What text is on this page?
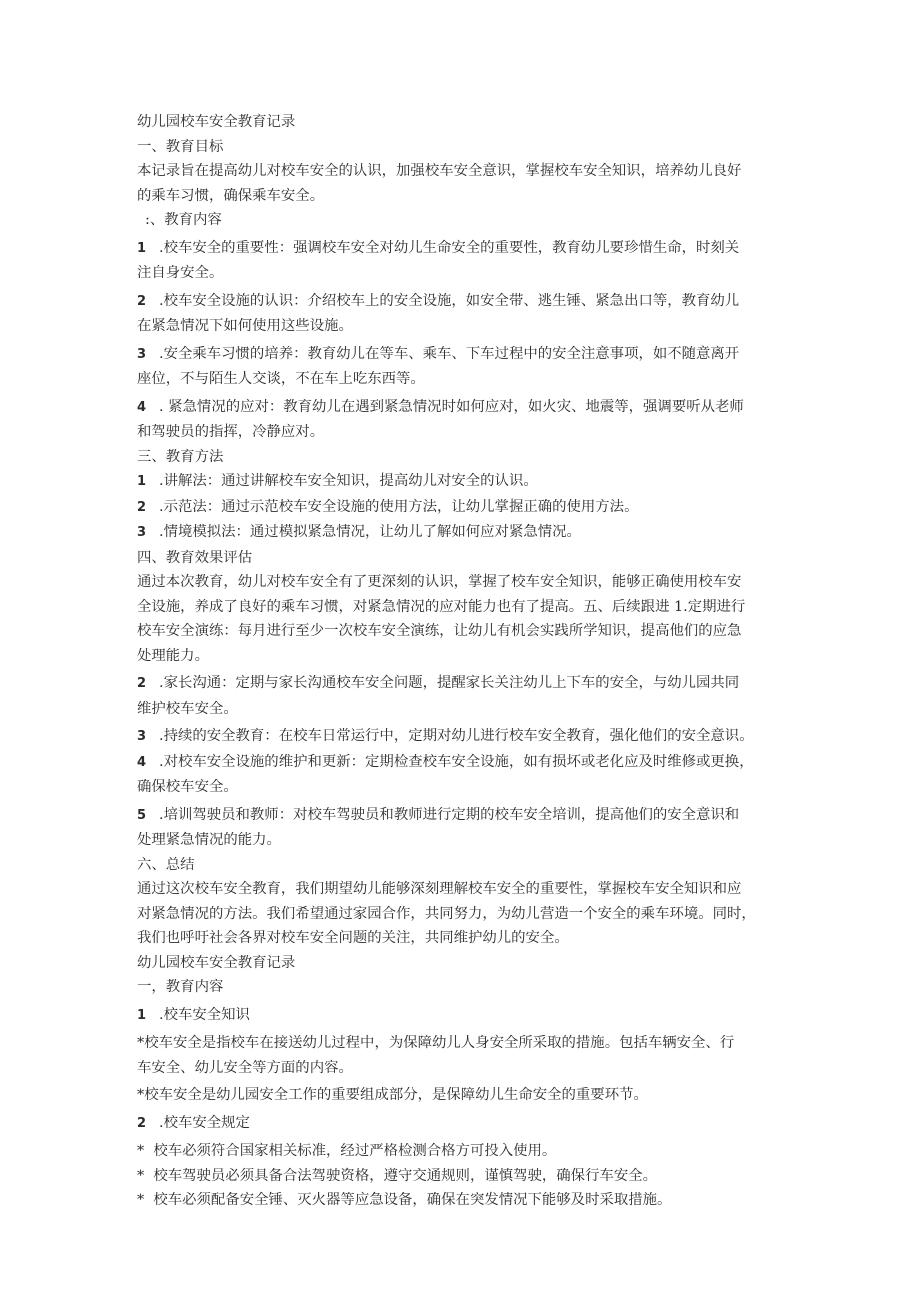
幼儿园校车安全教育记录
一、教育目标
本记录旨在提高幼儿对校车安全的认识，加强校车安全意识，掌握校车安全知识，培养幼儿良好
的乘车习惯，确保乘车安全。
:、教育内容
1 .校车安全的重要性：强调校车安全对幼儿生命安全的重要性，教育幼儿要珍惜生命，时刻关
注自身安全。
2 .校车安全设施的认识：介绍校车上的安全设施，如安全带、逃生锤、紧急出口等，教育幼儿
在紧急情况下如何使用这些设施。
3 .安全乘车习惯的培养：教育幼儿在等车、乘车、下车过程中的安全注意事项，如不随意离开
座位，不与陌生人交谈，不在车上吃东西等。
4 . 紧急情况的应对：教育幼儿在遇到紧急情况时如何应对，如火灾、地震等，强调要听从老师
和驾驶员的指挥，冷静应对。
三、教育方法
1 .讲解法：通过讲解校车安全知识，提高幼儿对安全的认识。
2 .示范法：通过示范校车安全设施的使用方法，让幼儿掌握正确的使用方法。
3 .情境模拟法：通过模拟紧急情况，让幼儿了解如何应对紧急情况。
四、教育效果评估
通过本次教育，幼儿对校车安全有了更深刻的认识，掌握了校车安全知识，能够正确使用校车安
全设施，养成了良好的乘车习惯，对紧急情况的应对能力也有了提高。五、后续跟进 1.定期进行
校车安全演练：每月进行至少一次校车安全演练，让幼儿有机会实践所学知识，提高他们的应急
处理能力。
2 .家长沟通：定期与家长沟通校车安全问题，提醒家长关注幼儿上下车的安全，与幼儿园共同
维护校车安全。
3 .持续的安全教育：在校车日常运行中，定期对幼儿进行校车安全教育，强化他们的安全意识。
4 .对校车安全设施的维护和更新：定期检查校车安全设施，如有损坏或老化应及时维修或更换，
确保校车安全。
5 .培训驾驶员和教师：对校车驾驶员和教师进行定期的校车安全培训，提高他们的安全意识和
处理紧急情况的能力。
六、总结
通过这次校车安全教育，我们期望幼儿能够深刻理解校车安全的重要性，掌握校车安全知识和应
对紧急情况的方法。我们希望通过家园合作，共同努力，为幼儿营造一个安全的乘车环境。同时，
我们也呼吁社会各界对校车安全问题的关注，共同维护幼儿的安全。
幼儿园校车安全教育记录
一，教育内容
1 .校车安全知识
*校车安全是指校车在接送幼儿过程中，为保障幼儿人身安全所采取的措施。包括车辆安全、行
车安全、幼儿安全等方面的内容。
*校车安全是幼儿园安全工作的重要组成部分，是保障幼儿生命安全的重要环节。
2 .校车安全规定
*  校车必须符合国家相关标准，经过严格检测合格方可投入使用。
*  校车驾驶员必须具备合法驾驶资格，遵守交通规则，谨慎驾驶，确保行车安全。
*  校车必须配备安全锤、灭火器等应急设备，确保在突发情况下能够及时采取措施。
